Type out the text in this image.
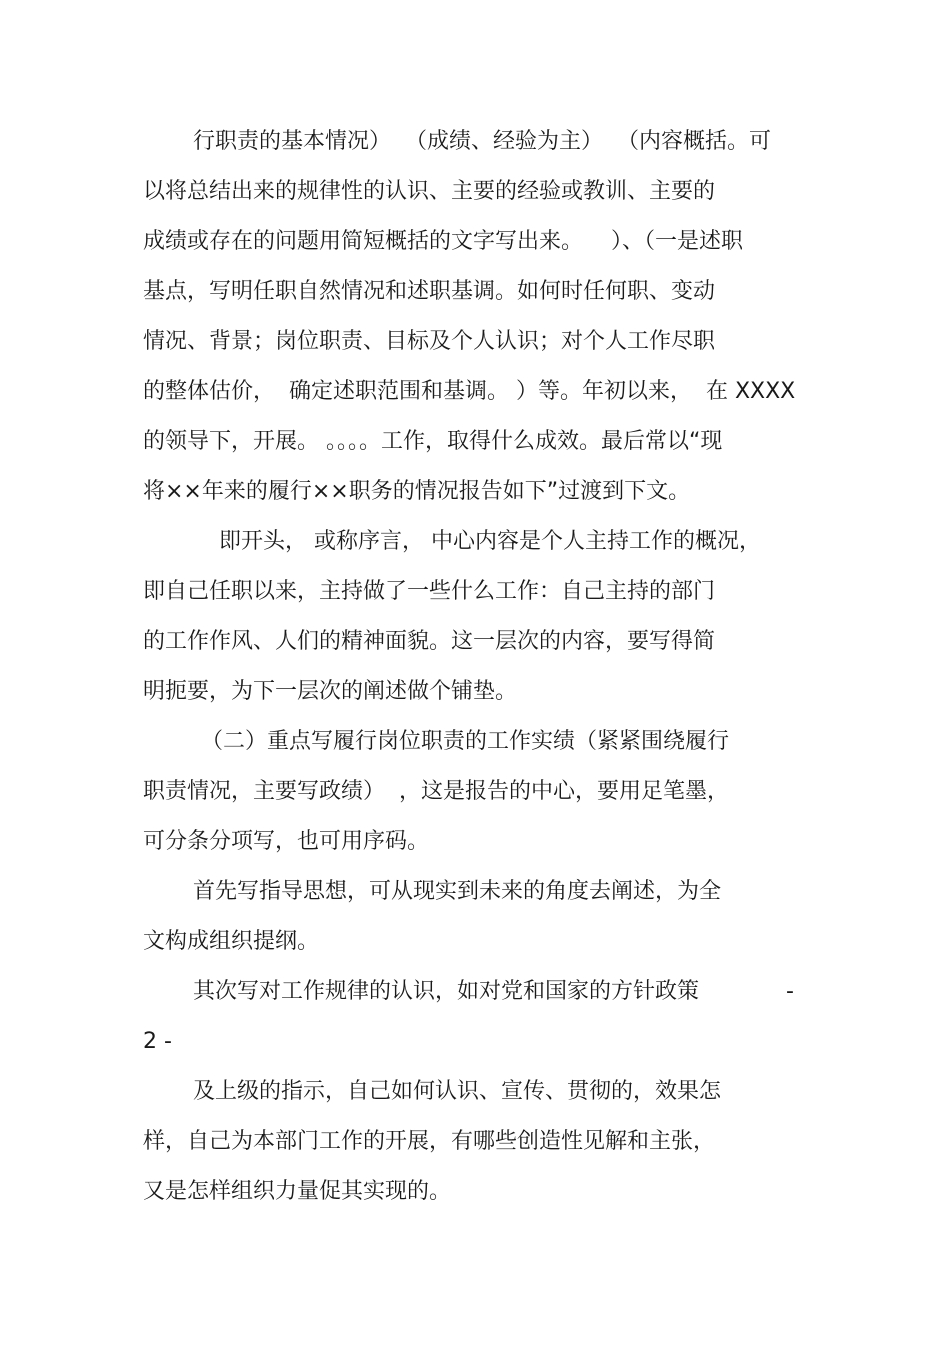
行职责的基本情况）  （成绩、经验为主）  （内容概括。可
以将总结出来的规律性的认识、主要的经验或教训、主要的
成绩或存在的问题用简短概括的文字写出来。    ）、（一是述职
基点，写明任职自然情况和述职基调。如何时任何职、变动
情况、背景；岗位职责、目标及个人认识；对个人工作尽职
的整体估价，  确定述职范围和基调。 ）等。年初以来，  在 XXXX
的领导下，开展。 。。。。工作，取得什么成效。最后常以“现
将××年来的履行××职务的情况报告如下”过渡到下文。
即开头， 或称序言， 中心内容是个人主持工作的概况，
即自己任职以来，主持做了一些什么工作：自己主持的部门
的工作作风、人们的精神面貌。这一层次的内容，要写得简
明扼要，为下一层次的阐述做个铺垫。
（二）重点写履行岗位职责的工作实绩（紧紧围绕履行
职责情况，主要写政绩）  ，这是报告的中心，要用足笔墨，
可分条分项写，也可用序码。
首先写指导思想，可从现实到未来的角度去阐述，为全
文构成组织提纲。
其次写对工作规律的认识，如对党和国家的方针政策	-
2 -
及上级的指示，自己如何认识、宣传、贯彻的，效果怎
样，自己为本部门工作的开展，有哪些创造性见解和主张，
又是怎样组织力量促其实现的。
